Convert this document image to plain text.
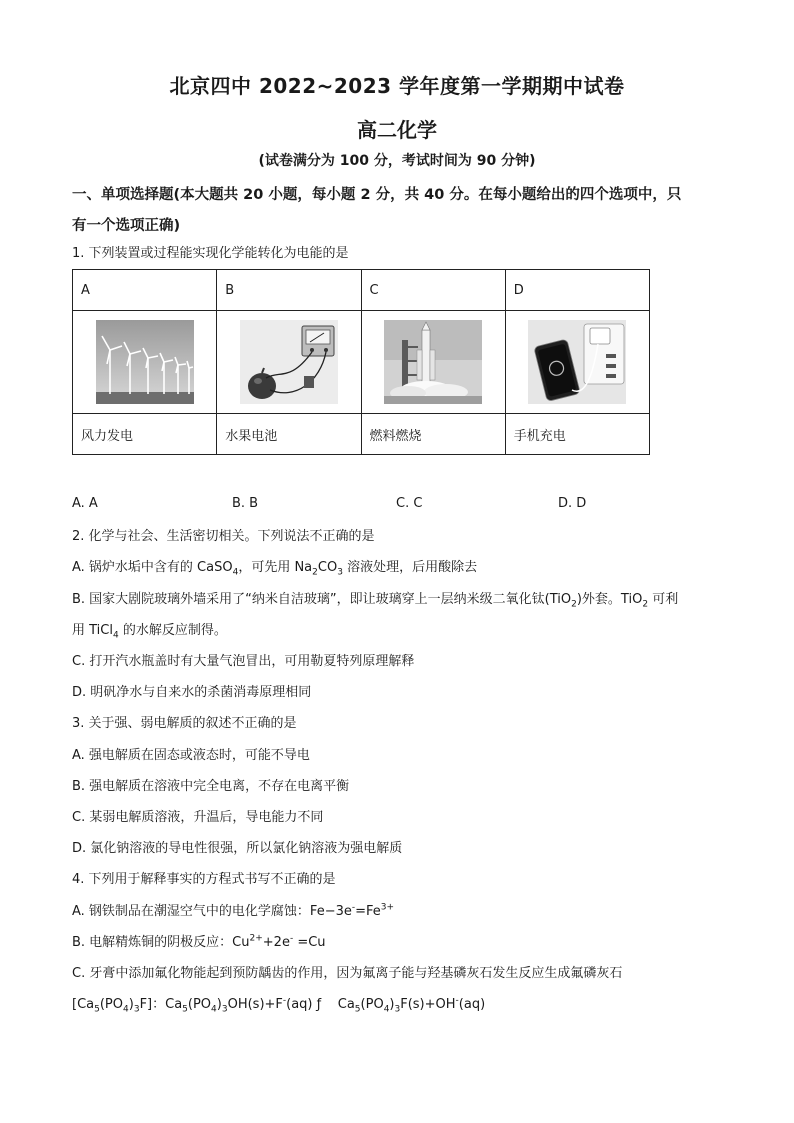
北京四中 2022~2023 学年度第一学期期中试卷
高二化学
(试卷满分为 100 分，考试时间为 90 分钟)
一、单项选择题(本大题共 20 小题，每小题 2 分，共 40 分。在每小题给出的四个选项中，只
有一个选项正确)
1. 下列装置或过程能实现化学能转化为电能的是
A	B	C	D

风力发电	水果电池	燃料燃烧	手机充电
A. A	B. B	C. C	D. D
2. 化学与社会、生活密切相关。下列说法不正确的是
A. 锅炉水垢中含有的 CaSO$_4$，可先用 $Na_2CO_3$ 溶液处理，后用酸除去
B. 国家大剧院玻璃外墙采用了“纳米自洁玻璃”，即让玻璃穿上一层纳米级二氧化钛(TiO$_2$)外套。TiO$_2$ 可利
用 TiCl$_4$ 的水解反应制得。
C. 打开汽水瓶盖时有大量气泡冒出，可用勒夏特列原理解释
D. 明矾净水与自来水的杀菌消毒原理相同
3. 关于强、弱电解质的叙述不正确的是
A. 强电解质在固态或液态时，可能不导电
B. 强电解质在溶液中完全电离，不存在电离平衡
C. 某弱电解质溶液，升温后，导电能力不同
D. 氯化钠溶液的导电性很强，所以氯化钠溶液为强电解质
4. 下列用于解释事实的方程式书写不正确的是
A. 钢铁制品在潮湿空气中的电化学腐蚀：$Fe-3e^-=Fe^{3+}$
B. 电解精炼铜的阴极反应：$Cu^{2+}+2e^- =Cu$
C. 牙膏中添加氟化物能起到预防龋齿的作用，因为氟离子能与羟基磷灰石发生反应生成氟磷灰石
$[Ca_5(PO_4)_3F]$：$Ca_5(PO_4)_3OH(s)+F^-(aq)$ ƒ    $Ca_5(PO_4)_3F(s)+OH^-(aq)$
